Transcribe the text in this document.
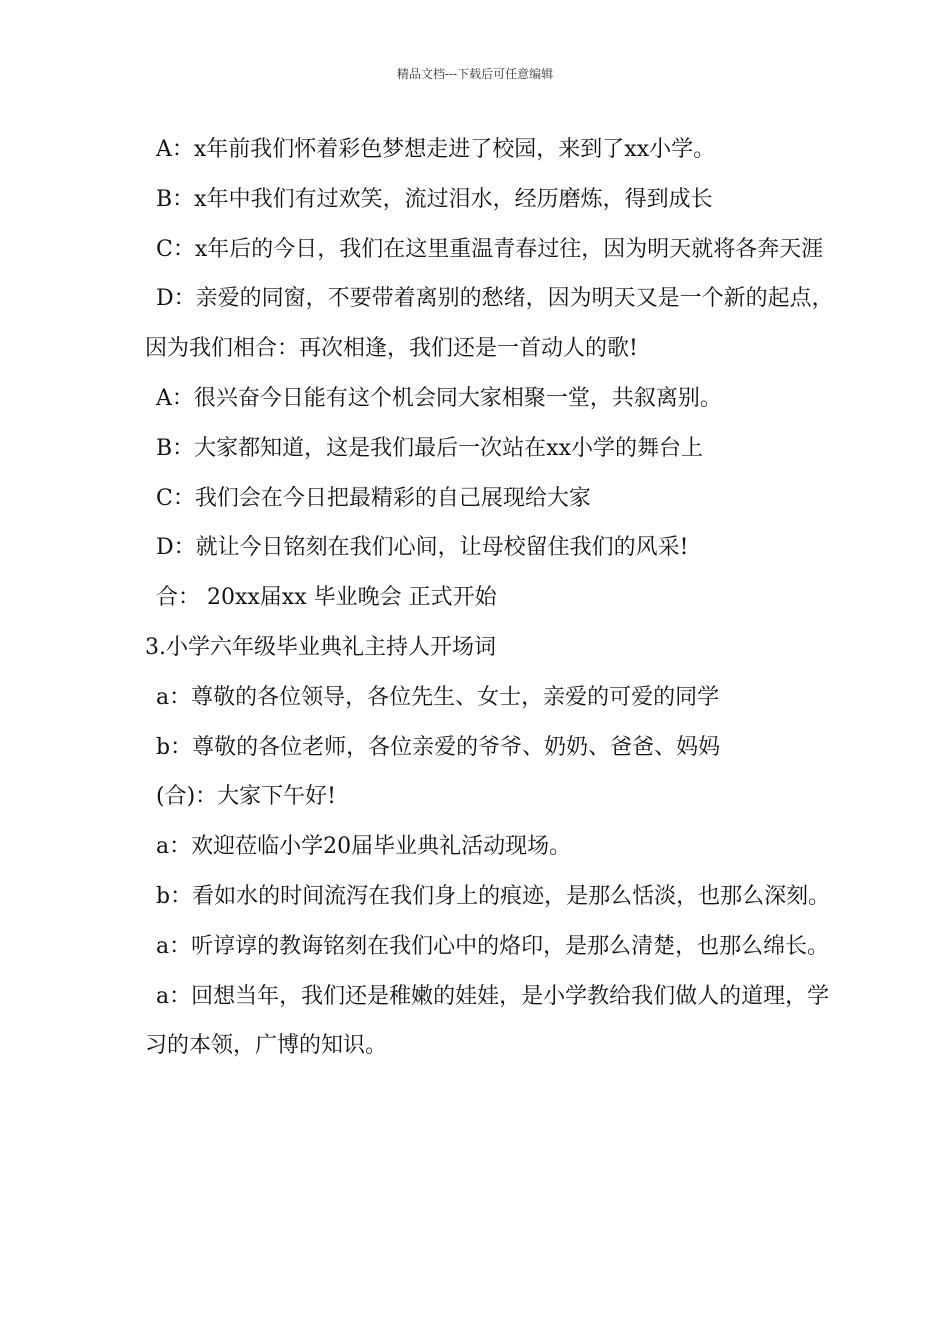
精品文档---下载后可任意编辑

A：x年前我们怀着彩色梦想走进了校园，来到了xx小学。

B：x年中我们有过欢笑，流过泪水，经历磨炼，得到成长

C：x年后的今日，我们在这里重温青春过往，因为明天就将各奔天涯

D：亲爱的同窗，不要带着离别的愁绪，因为明天又是一个新的起点，因为我们相合：再次相逢，我们还是一首动人的歌!

A：很兴奋今日能有这个机会同大家相聚一堂，共叙离别。

B：大家都知道，这是我们最后一次站在xx小学的舞台上

C：我们会在今日把最精彩的自己展现给大家

D：就让今日铭刻在我们心间，让母校留住我们的风采!

合： 20xx届xx 毕业晚会 正式开始

3.小学六年级毕业典礼主持人开场词

a：尊敬的各位领导，各位先生、女士，亲爱的可爱的同学

b：尊敬的各位老师，各位亲爱的爷爷、奶奶、爸爸、妈妈

(合)：大家下午好!

a：欢迎莅临小学20届毕业典礼活动现场。

b：看如水的时间流泻在我们身上的痕迹，是那么恬淡，也那么深刻。

a：听谆谆的教诲铭刻在我们心中的烙印，是那么清楚，也那么绵长。

a：回想当年，我们还是稚嫩的娃娃，是小学教给我们做人的道理，学习的本领，广博的知识。
